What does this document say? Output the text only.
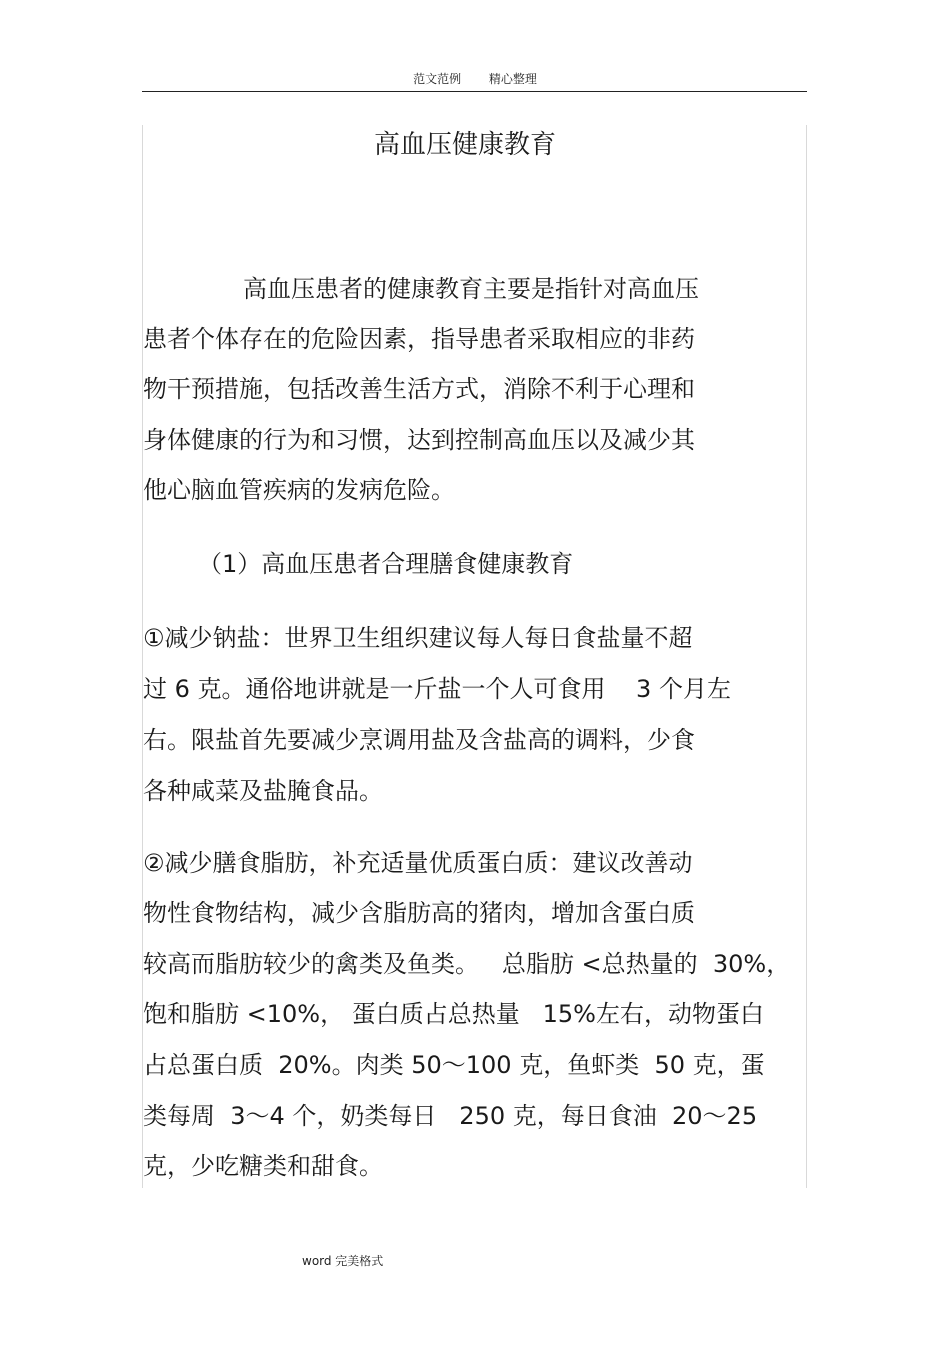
范文范例 精心整理
高血压健康教育
高血压患者的健康教育主要是指针对高血压
患者个体存在的危险因素，指导患者采取相应的非药
物干预措施，包括改善生活方式，消除不利于心理和
身体健康的行为和习惯，达到控制高血压以及减少其
他心脑血管疾病的发病危险。
（1）高血压患者合理膳食健康教育
①减少钠盐：世界卫生组织建议每人每日食盐量不超
过 6 克。通俗地讲就是一斤盐一个人可食用    3 个月左
右。限盐首先要减少烹调用盐及含盐高的调料，少食
各种咸菜及盐腌食品。
②减少膳食脂肪，补充适量优质蛋白质：建议改善动
物性食物结构，减少含脂肪高的猪肉，增加含蛋白质
较高而脂肪较少的禽类及鱼类。   总脂肪 <总热量的  30%，
饱和脂肪 <10%， 蛋白质占总热量   15%左右，动物蛋白
占总蛋白质  20%。肉类 50～100 克，鱼虾类  50 克，蛋
类每周  3～4 个，奶类每日   250 克，每日食油  20～25
克，少吃糖类和甜食。
word 完美格式
